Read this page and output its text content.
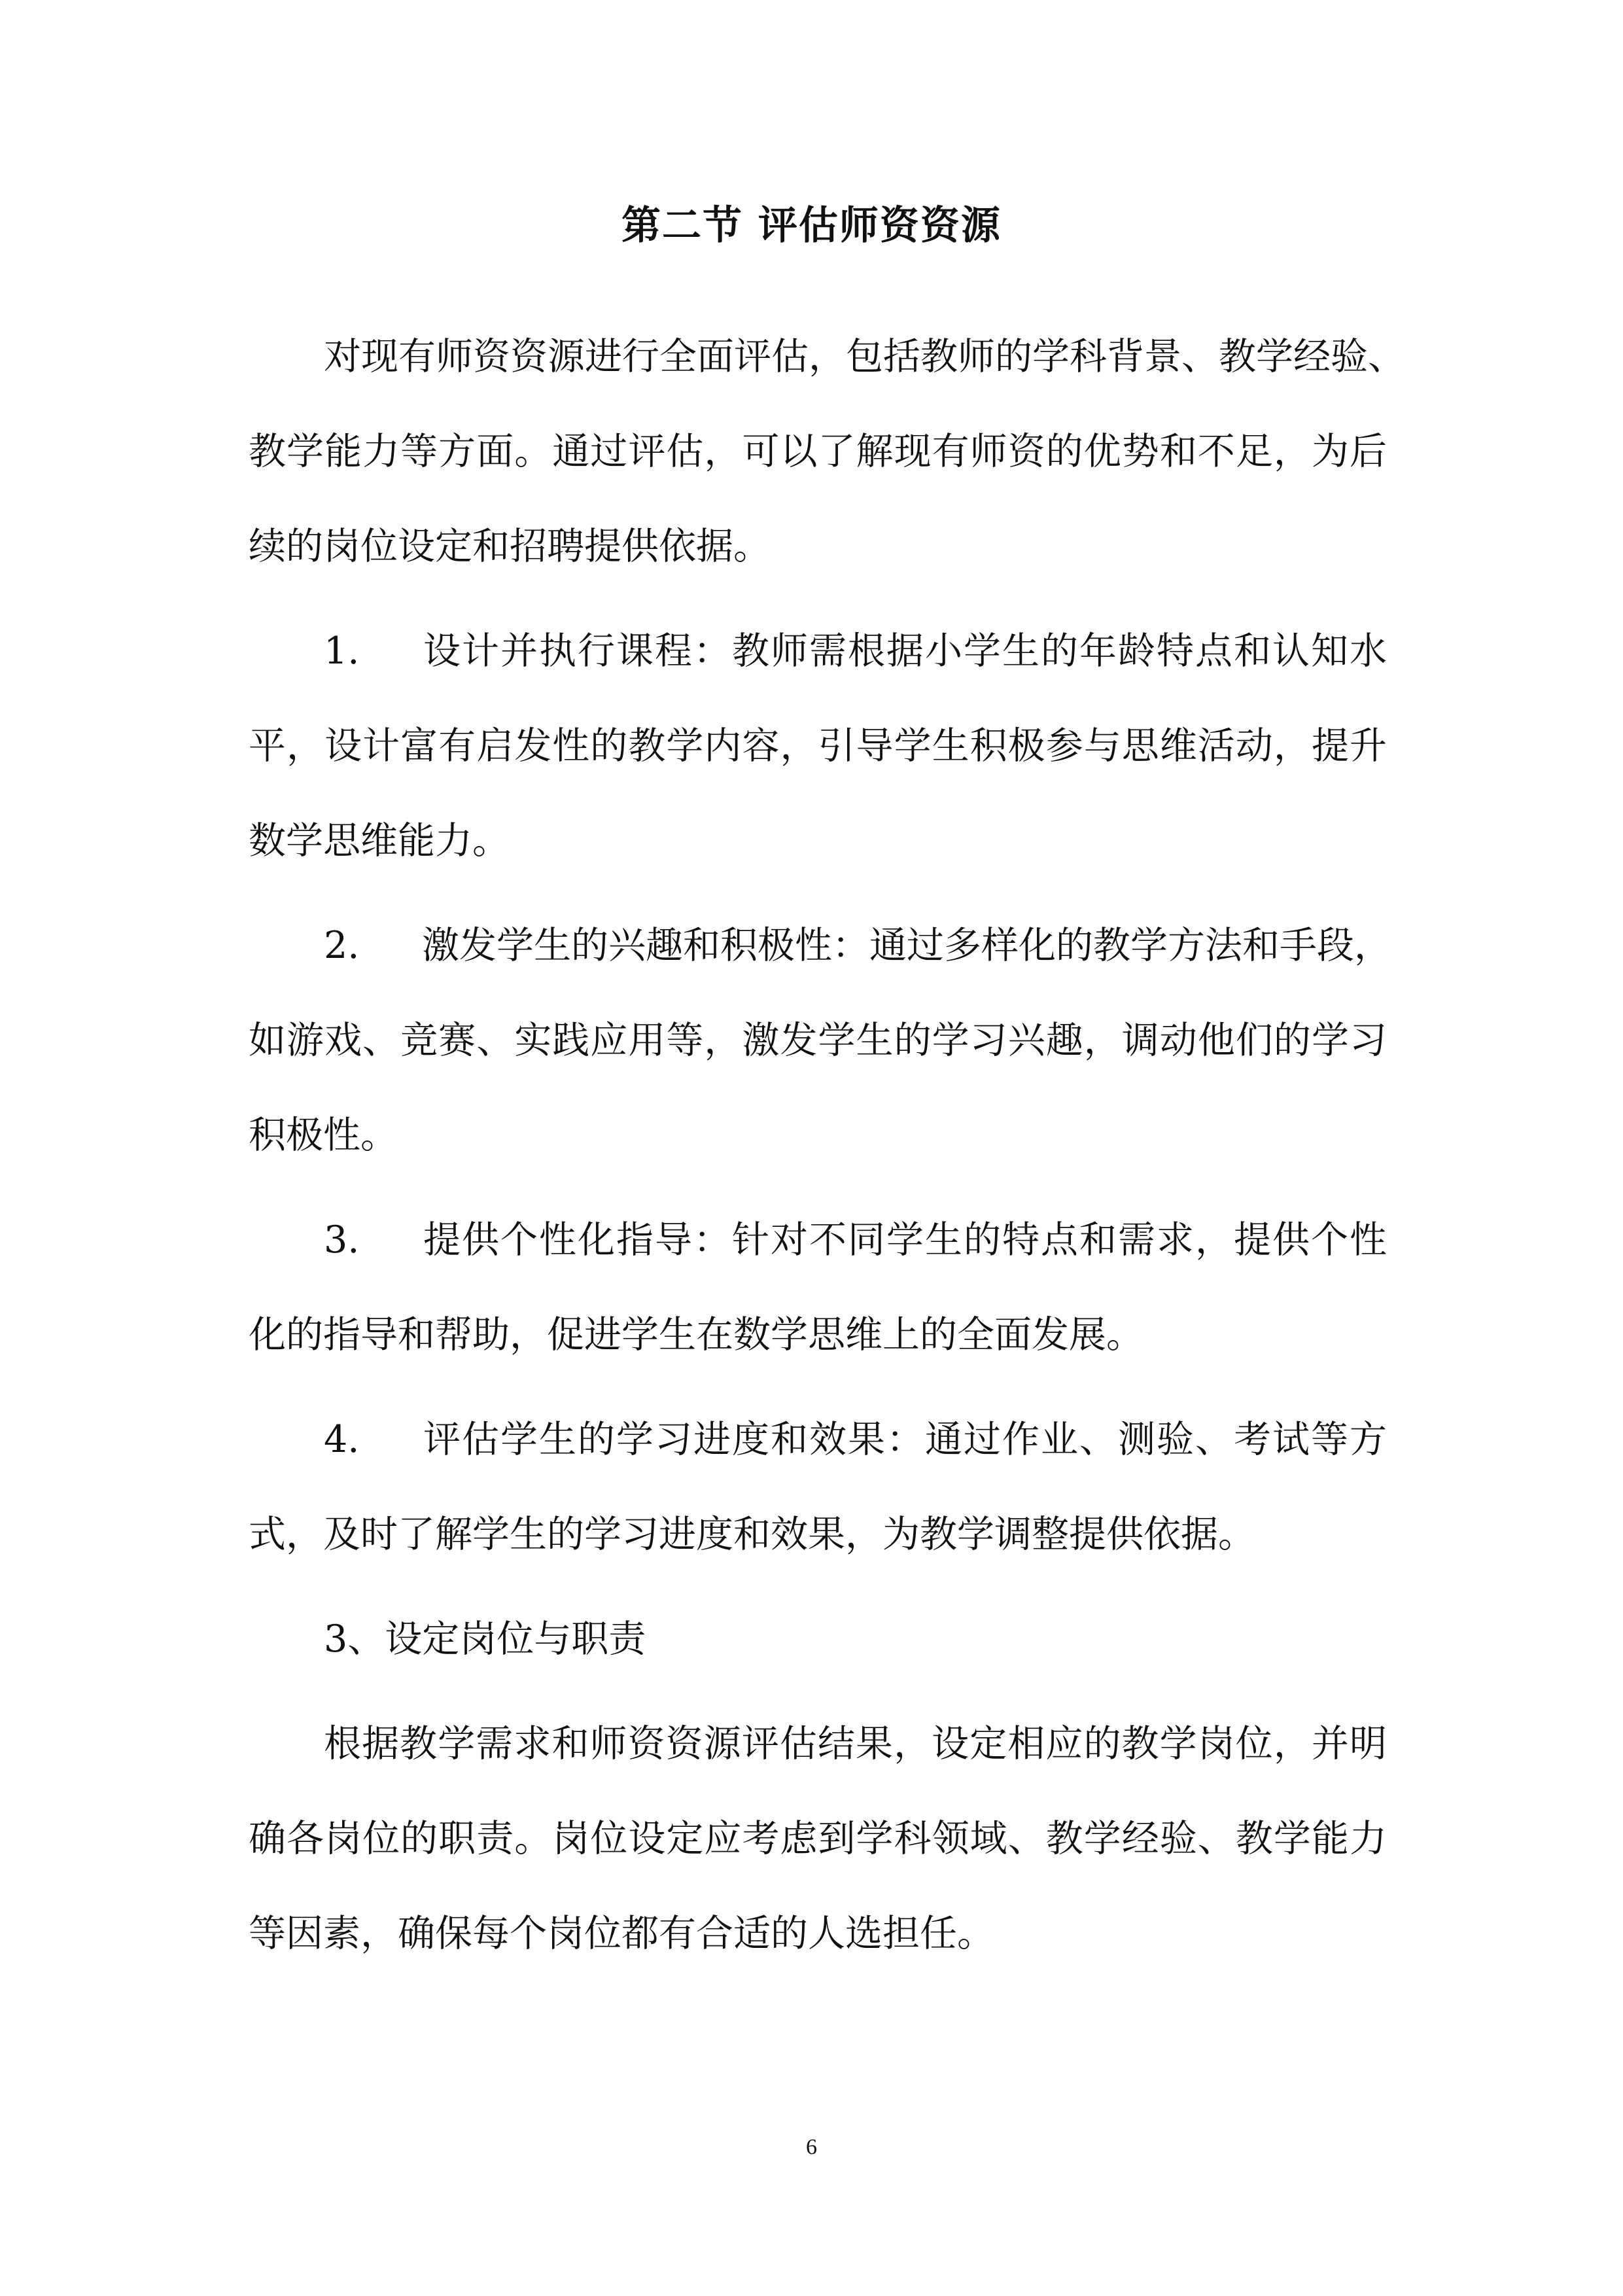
第二节 评估师资资源
对现有师资资源进行全面评估，包括教师的学科背景、教学经验、
教学能力等方面。通过评估，可以了解现有师资的优势和不足，为后
续的岗位设定和招聘提供依据。
1. 设计并执行课程：教师需根据小学生的年龄特点和认知水
平，设计富有启发性的教学内容，引导学生积极参与思维活动，提升
数学思维能力。
2. 激发学生的兴趣和积极性：通过多样化的教学方法和手段，
如游戏、竞赛、实践应用等，激发学生的学习兴趣，调动他们的学习
积极性。
3. 提供个性化指导：针对不同学生的特点和需求，提供个性
化的指导和帮助，促进学生在数学思维上的全面发展。
4. 评估学生的学习进度和效果：通过作业、测验、考试等方
式，及时了解学生的学习进度和效果，为教学调整提供依据。
3、设定岗位与职责
根据教学需求和师资资源评估结果，设定相应的教学岗位，并明
确各岗位的职责。岗位设定应考虑到学科领域、教学经验、教学能力
等因素，确保每个岗位都有合适的人选担任。
6
